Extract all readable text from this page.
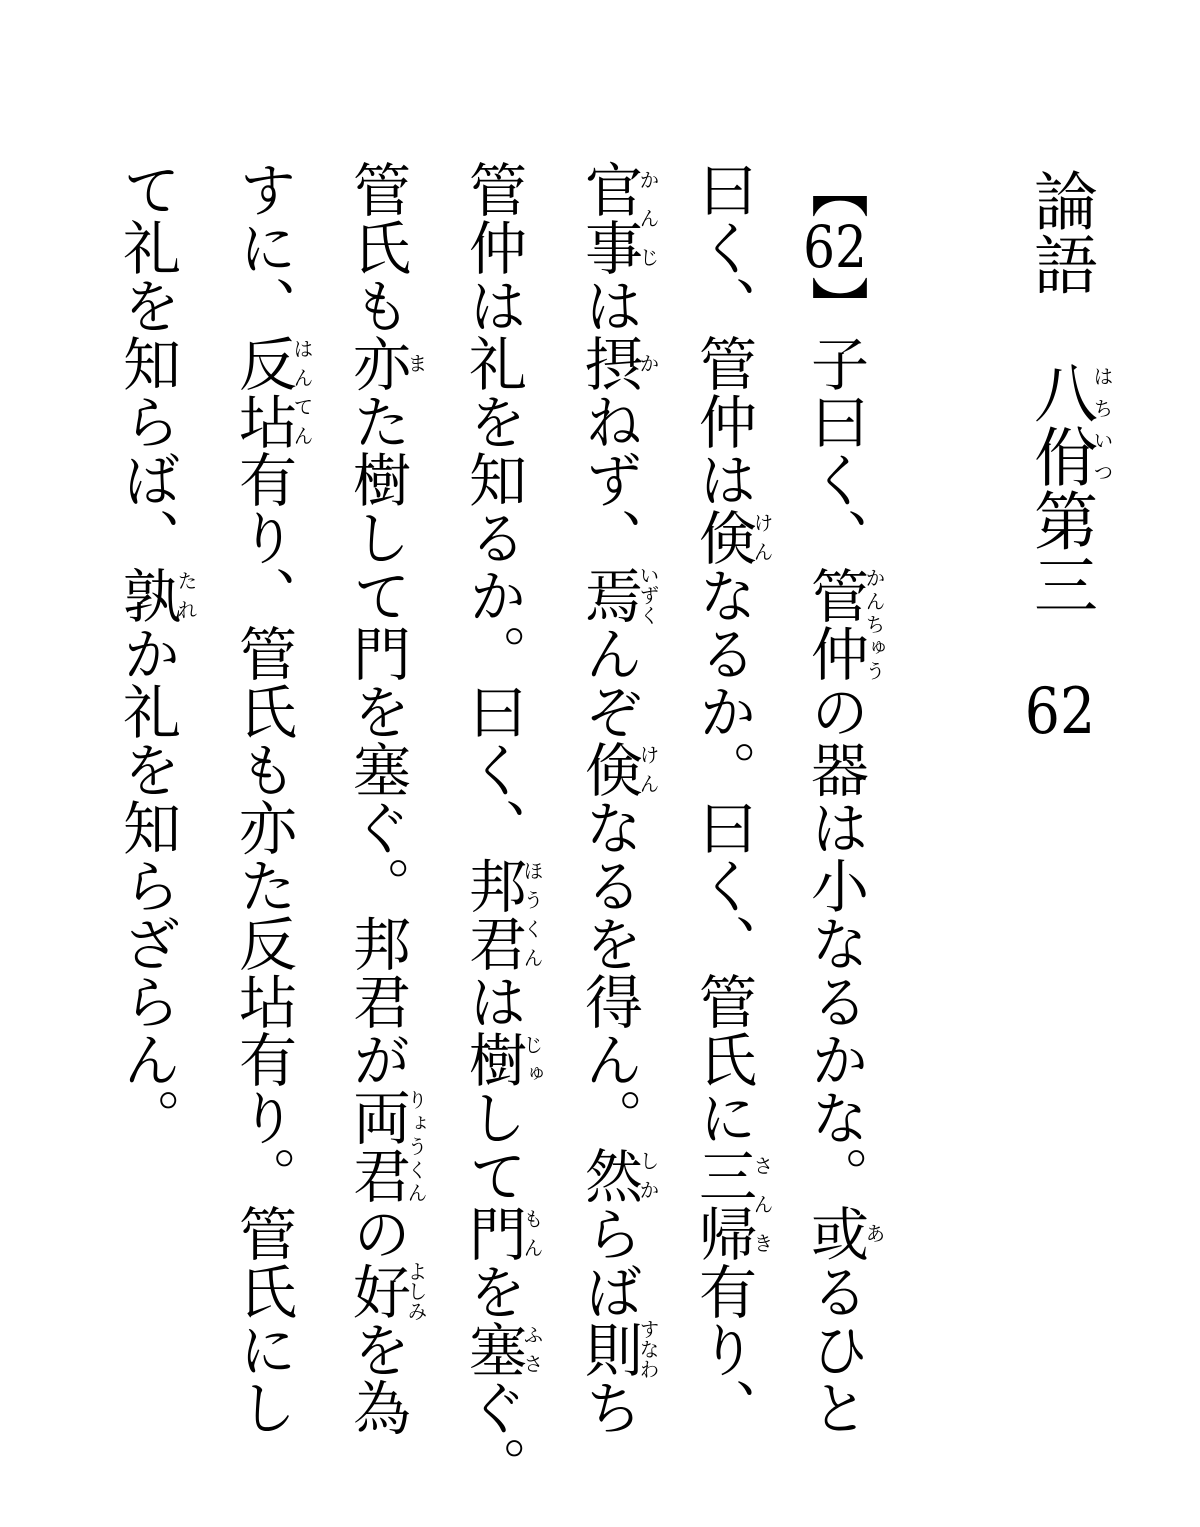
論語　八佾はちいつ第三　62
【62】子曰く、管仲かんちゅうの器は小なるかな。或あるひと
曰く、管仲は倹けんなるか。曰く、管氏に三帰さんき有り、
官事かんじは摂かねず、焉いずくんぞ倹けんなるを得ん。然しからば則すなわち
管仲は礼を知るか。曰く、邦君ほうくんは樹じゅして門もんを塞ふさぐ。
管氏も亦また樹して門を塞ぐ。邦君が両君りょうくんの好よしみを為
すに、反坫はんてん有り、管氏も亦た反坫有り。管氏にし
て礼を知らば、孰たれか礼を知らざらん。
